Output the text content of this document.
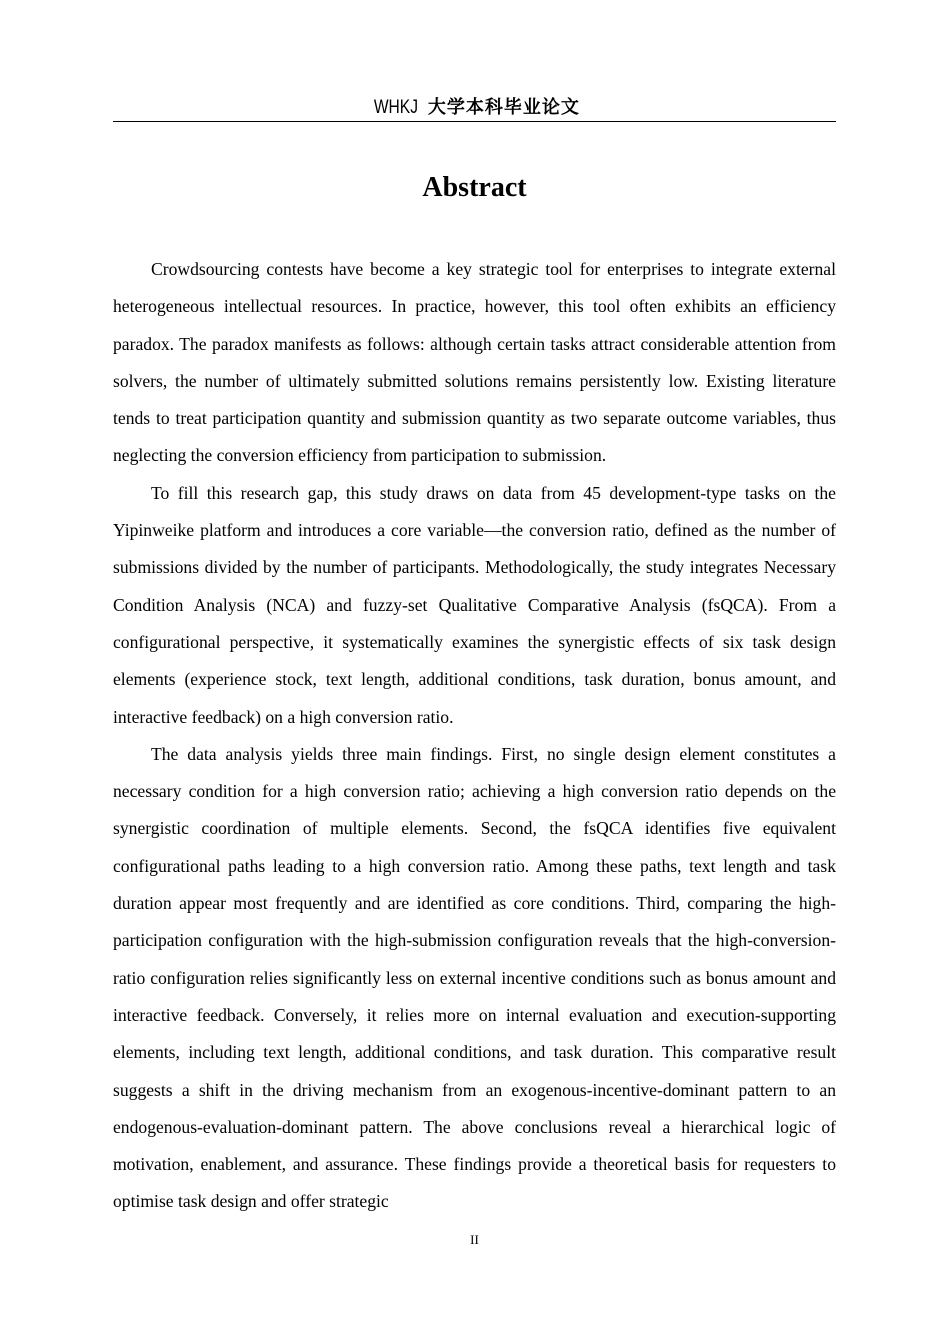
WHKJ 大学本科毕业论文
Abstract

Crowdsourcing contests have become a key strategic tool for enterprises to integrate external heterogeneous intellectual resources. In practice, however, this tool often exhibits an efficiency paradox. The paradox manifests as follows: although certain tasks attract considerable attention from solvers, the number of ultimately submitted solutions remains persistently low. Existing literature tends to treat participation quantity and submission quantity as two separate outcome variables, thus neglecting the conversion efficiency from participation to submission.

To fill this research gap, this study draws on data from 45 development-type tasks on the Yipinweike platform and introduces a core variable—the conversion ratio, defined as the number of submissions divided by the number of participants. Methodologically, the study integrates Necessary Condition Analysis (NCA) and fuzzy-set Qualitative Comparative Analysis (fsQCA). From a configurational perspective, it systematically examines the synergistic effects of six task design elements (experience stock, text length, additional conditions, task duration, bonus amount, and interactive feedback) on a high conversion ratio.

The data analysis yields three main findings. First, no single design element constitutes a necessary condition for a high conversion ratio; achieving a high conversion ratio depends on the synergistic coordination of multiple elements. Second, the fsQCA identifies five equivalent configurational paths leading to a high conversion ratio. Among these paths, text length and task duration appear most frequently and are identified as core conditions. Third, comparing the high-participation configuration with the high-submission configuration reveals that the high-conversion-ratio configuration relies significantly less on external incentive conditions such as bonus amount and interactive feedback. Conversely, it relies more on internal evaluation and execution-supporting elements, including text length, additional conditions, and task duration. This comparative result suggests a shift in the driving mechanism from an exogenous-incentive-dominant pattern to an endogenous-evaluation-dominant pattern. The above conclusions reveal a hierarchical logic of motivation, enablement, and assurance. These findings provide a theoretical basis for requesters to optimise task design and offer strategic

II
